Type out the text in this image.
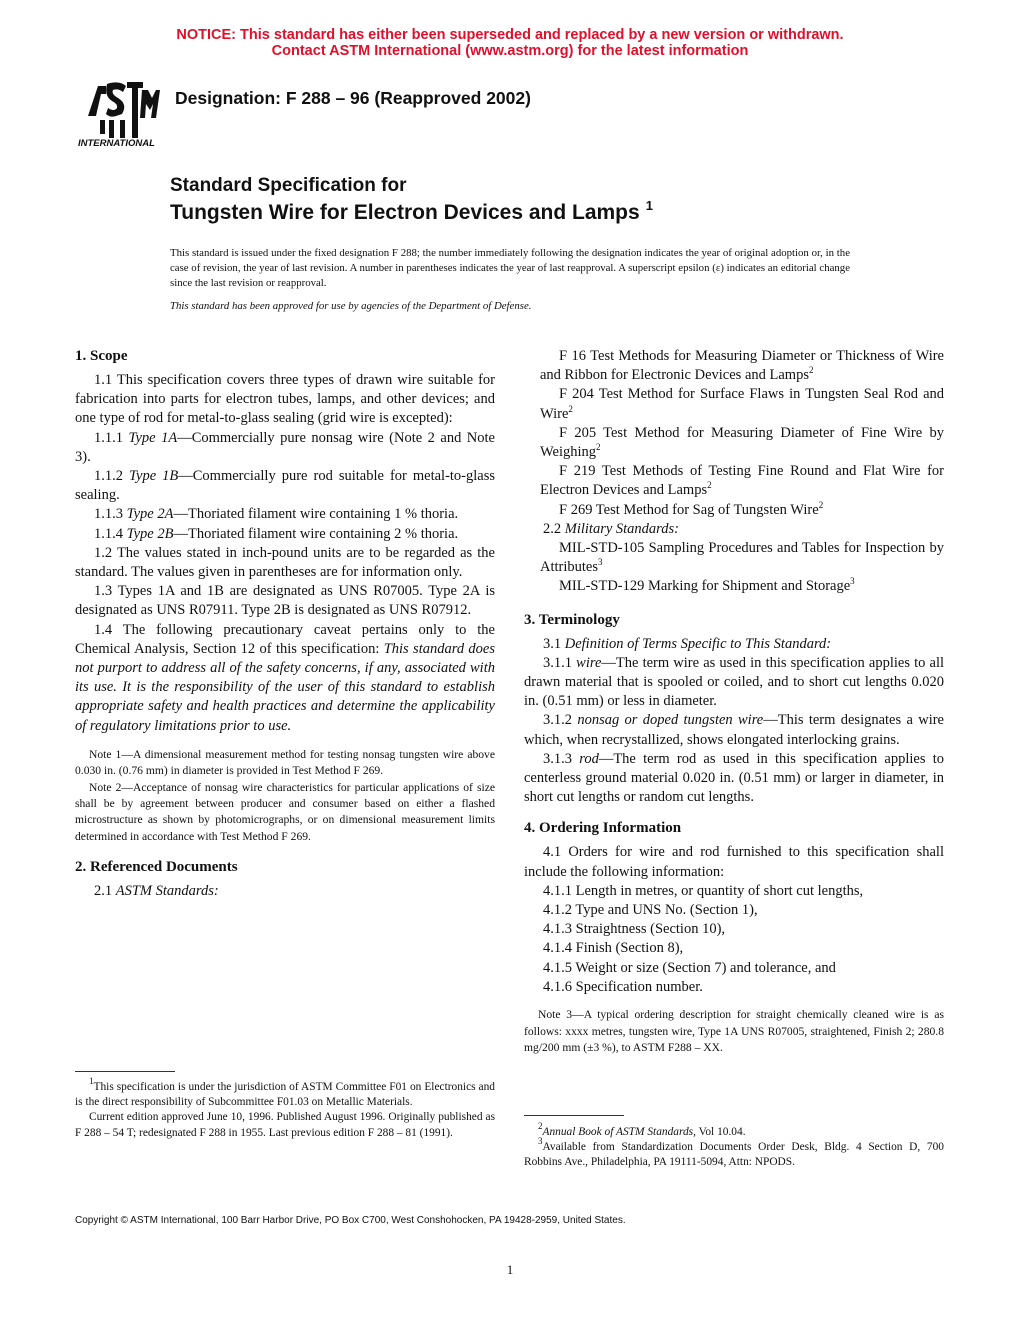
NOTICE: This standard has either been superseded and replaced by a new version or withdrawn.
Contact ASTM International (www.astm.org) for the latest information
INTERNATIONAL
Designation: F 288 – 96 (Reapproved 2002)
Standard Specification for
Tungsten Wire for Electron Devices and Lamps $^1$
This standard is issued under the fixed designation F 288; the number immediately following the designation indicates the year of original adoption or, in the case of revision, the year of last revision. A number in parentheses indicates the year of last reapproval. A superscript epsilon (ε) indicates an editorial change since the last revision or reapproval.
This standard has been approved for use by agencies of the Department of Defense.
1. Scope

1.1 This specification covers three types of drawn wire suitable for fabrication into parts for electron tubes, lamps, and other devices; and one type of rod for metal-to-glass sealing (grid wire is excepted):

1.1.1 Type 1A—Commercially pure nonsag wire (Note 2 and Note 3).

1.1.2 Type 1B—Commercially pure rod suitable for metal-to-glass sealing.

1.1.3 Type 2A—Thoriated filament wire containing 1 % thoria.

1.1.4 Type 2B—Thoriated filament wire containing 2 % thoria.

1.2 The values stated in inch-pound units are to be regarded as the standard. The values given in parentheses are for information only.

1.3 Types 1A and 1B are designated as UNS R07005. Type 2A is designated as UNS R07911. Type 2B is designated as UNS R07912.

1.4 The following precautionary caveat pertains only to the Chemical Analysis, Section 12 of this specification: This standard does not purport to address all of the safety concerns, if any, associated with its use. It is the responsibility of the user of this standard to establish appropriate safety and health practices and determine the applicability of regulatory limitations prior to use.

Note 1—A dimensional measurement method for testing nonsag tungsten wire above 0.030 in. (0.76 mm) in diameter is provided in Test Method F 269.
Note 2—Acceptance of nonsag wire characteristics for particular applications of size shall be by agreement between producer and consumer based on either a flashed microstructure as shown by photomicrographs, or on dimensional measurement limits determined in accordance with Test Method F 269.
2. Referenced Documents

2.1 ASTM Standards:

F 16 Test Methods for Measuring Diameter or Thickness of Wire and Ribbon for Electronic Devices and Lamps$^2$

F 204 Test Method for Surface Flaws in Tungsten Seal Rod and Wire$^2$

F 205 Test Method for Measuring Diameter of Fine Wire by Weighing$^2$

F 219 Test Methods of Testing Fine Round and Flat Wire for Electron Devices and Lamps$^2$

F 269 Test Method for Sag of Tungsten Wire$^2$

2.2 Military Standards:

MIL-STD-105 Sampling Procedures and Tables for Inspection by Attributes$^3$

MIL-STD-129 Marking for Shipment and Storage$^3$

3. Terminology

3.1 Definition of Terms Specific to This Standard:

3.1.1 wire—The term wire as used in this specification applies to all drawn material that is spooled or coiled, and to short cut lengths 0.020 in. (0.51 mm) or less in diameter.

3.1.2 nonsag or doped tungsten wire—This term designates a wire which, when recrystallized, shows elongated interlocking grains.

3.1.3 rod—The term rod as used in this specification applies to centerless ground material 0.020 in. (0.51 mm) or larger in diameter, in short cut lengths or random cut lengths.

4. Ordering Information

4.1 Orders for wire and rod furnished to this specification shall include the following information:

4.1.1 Length in metres, or quantity of short cut lengths,

4.1.2 Type and UNS No. (Section 1),

4.1.3 Straightness (Section 10),

4.1.4 Finish (Section 8),

4.1.5 Weight or size (Section 7) and tolerance, and

4.1.6 Specification number.

Note 3—A typical ordering description for straight chemically cleaned wire is as follows: xxxx metres, tungsten wire, Type 1A UNS R07005, straightened, Finish 2; 280.8 mg/200 mm (±3 %), to ASTM F288 – XX.

$^1$This specification is under the jurisdiction of ASTM Committee F01 on Electronics and is the direct responsibility of Subcommittee F01.03 on Metallic Materials.

Current edition approved June 10, 1996. Published August 1996. Originally published as F 288 – 54 T; redesignated F 288 in 1955. Last previous edition F 288 – 81 (1991).

$^2$Annual Book of ASTM Standards, Vol 10.04.

$^3$Available from Standardization Documents Order Desk, Bldg. 4 Section D, 700 Robbins Ave., Philadelphia, PA 19111-5094, Attn: NPODS.

Copyright © ASTM International, 100 Barr Harbor Drive, PO Box C700, West Conshohocken, PA 19428-2959, United States.
1
